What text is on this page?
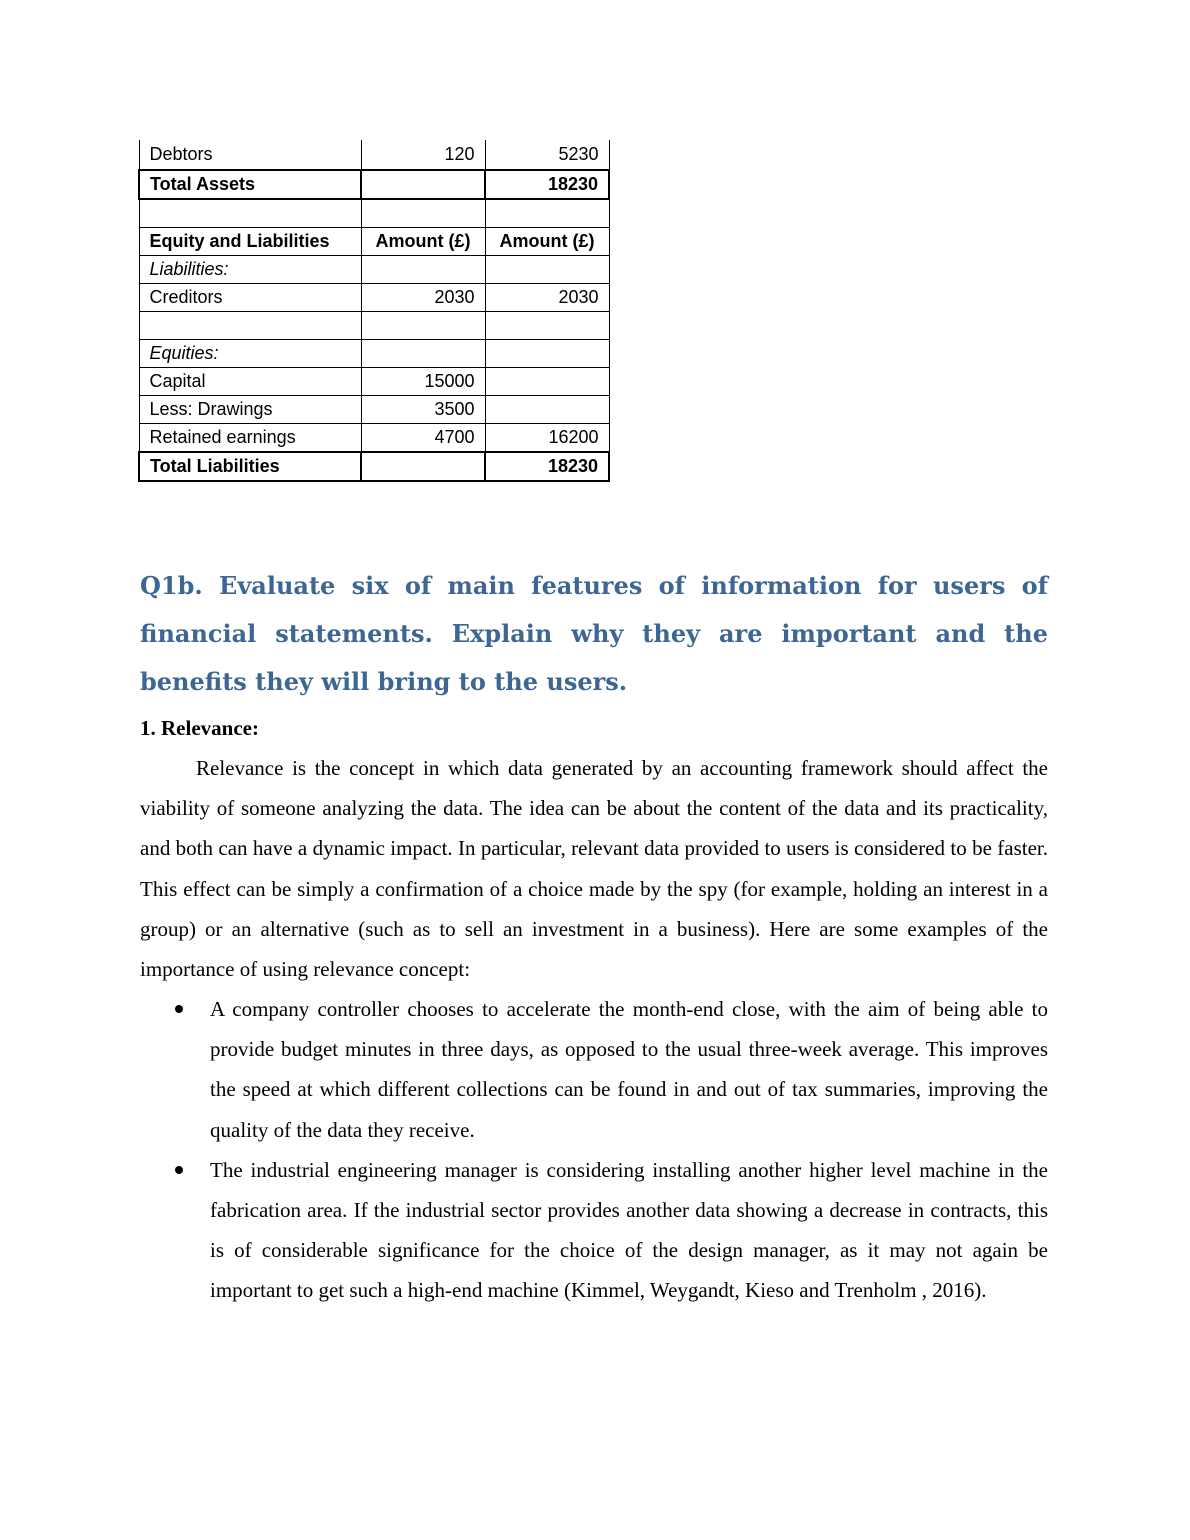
Debtors	120	5230
Total Assets		18230

Equity and Liabilities	Amount (£)	Amount (£)
Liabilities:		
Creditors	2030	2030

Equities:		
Capital	15000	
Less: Drawings	3500	
Retained earnings	4700	16200
Total Liabilities		18230
Q1b. Evaluate six of main features of information for users of financial statements. Explain why they are important and the benefits they will bring to the users.
1. Relevance:

Relevance is the concept in which data generated by an accounting framework should affect the viability of someone analyzing the data. The idea can be about the content of the data and its practicality, and both can have a dynamic impact. In particular, relevant data provided to users is considered to be faster. This effect can be simply a confirmation of a choice made by the spy (for example, holding an interest in a group) or an alternative (such as to sell an investment in a business). Here are some examples of the importance of using relevance concept:

A company controller chooses to accelerate the month-end close, with the aim of being able to provide budget minutes in three days, as opposed to the usual three-week average. This improves the speed at which different collections can be found in and out of tax summaries, improving the quality of the data they receive.
The industrial engineering manager is considering installing another higher level machine in the fabrication area. If the industrial sector provides another data showing a decrease in contracts, this is of considerable significance for the choice of the design manager, as it may not again be important to get such a high-end machine (Kimmel, Weygandt, Kieso and Trenholm , 2016).
